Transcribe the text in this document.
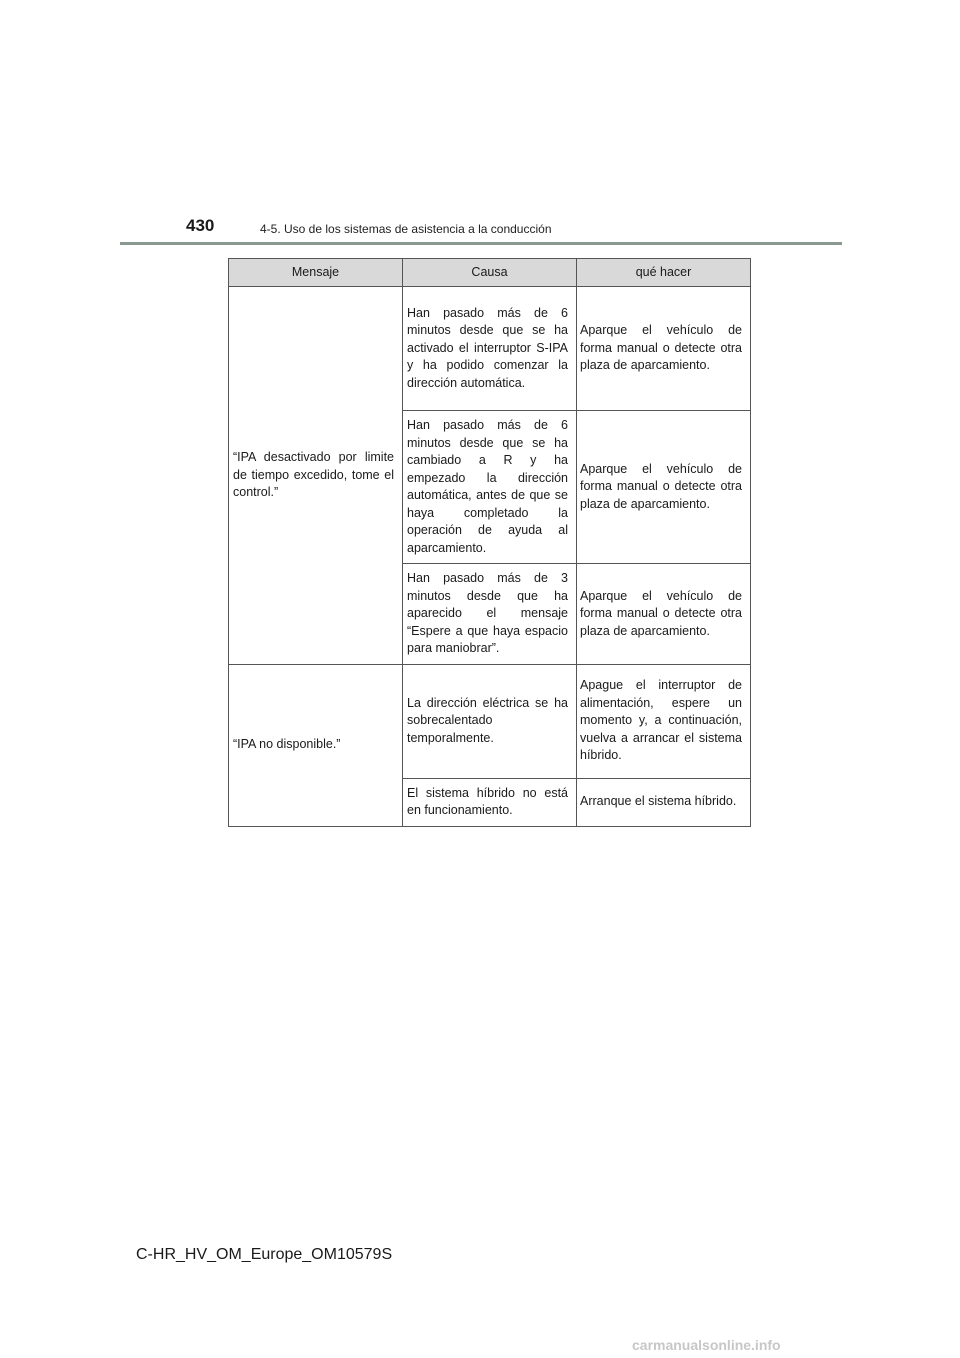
430	4-5. Uso de los sistemas de asistencia a la conducción
Mensaje	Causa	qué hacer

“IPA desactivado por limite de tiempo excedido, tome el control.”	Han pasado más de 6 minutos desde que se ha activado el interruptor S-IPA y ha podido comenzar la dirección automática.	Aparque el vehículo de forma manual o detecte otra plaza de aparcamiento.

	Han pasado más de 6 minutos desde que se ha cambiado a R y ha empezado la dirección automática, antes de que se haya completado la operación de ayuda al aparcamiento.	Aparque el vehículo de forma manual o detecte otra plaza de aparcamiento.

	Han pasado más de 3 minutos desde que ha aparecido el mensaje “Espere a que haya espacio para maniobrar”.	Aparque el vehículo de forma manual o detecte otra plaza de aparcamiento.

“IPA no disponible.”	La dirección eléctrica se ha sobrecalentado temporalmente.	Apague el interruptor de alimentación, espere un momento y, a continuación, vuelva a arrancar el sistema híbrido.

	El sistema híbrido no está en funcionamiento.	Arranque el sistema híbrido.
C-HR_HV_OM_Europe_OM10579S
carmanualsonline.info
